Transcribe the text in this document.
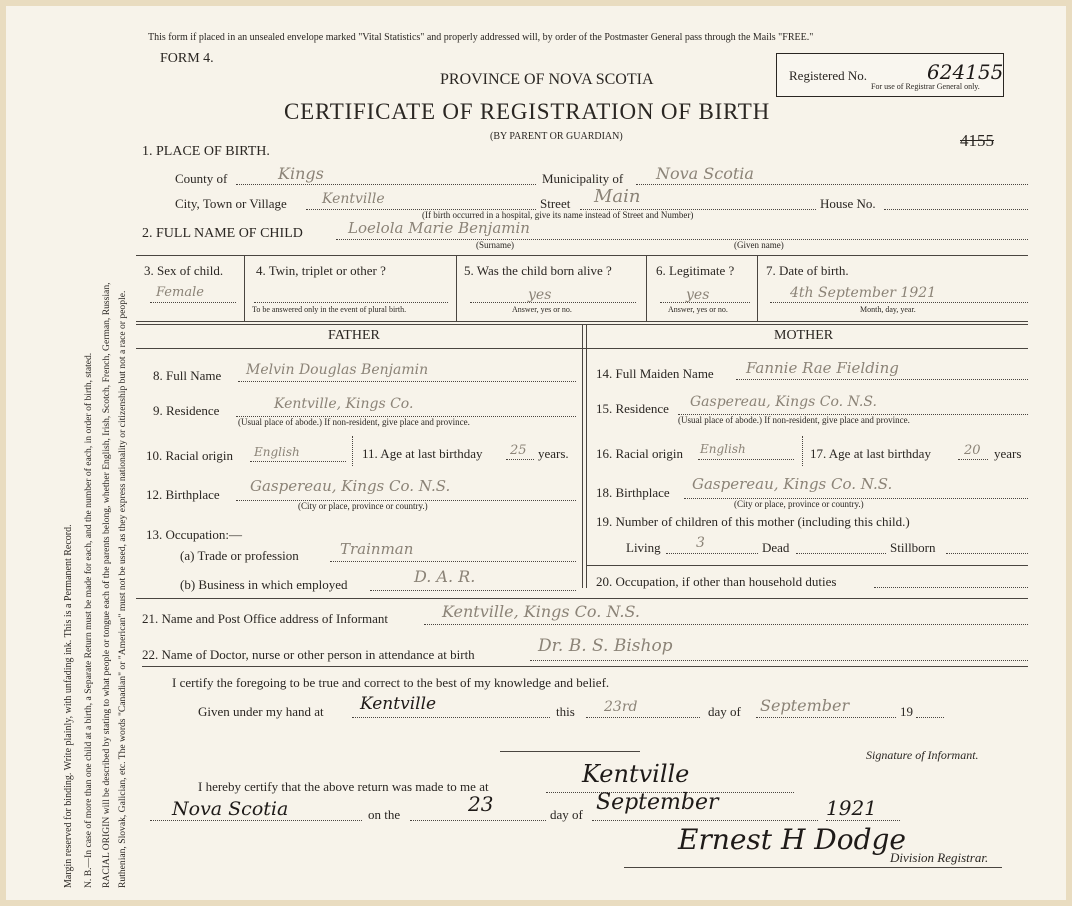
Margin reserved for binding. Write plainly, with unfading ink. This is a Permanent Record. N. B.—In case of more than one child at a birth, a Separate Return must be made for each, and the number of each, in order of birth, stated. RACIAL ORIGIN will be described by stating to what people or tongue each of the parents belong, whether English, Irish, Scotch, French, German, Russian, Ruthenian, Slovak, Galician, etc. The words "Canadian" or "American" must not be used, as they express nationality or citizenship but not a race or people.
This form if placed in an unsealed envelope marked "Vital Statistics" and properly addressed will, by order of the Postmaster General pass through the Mails "FREE."
FORM 4.
PROVINCE OF NOVA SCOTIA
CERTIFICATE OF REGISTRATION OF BIRTH
(BY PARENT OR GUARDIAN)
Registered No.
For use of Registrar General only.
624155
4155
1. PLACE OF BIRTH.
County of	Kings	Municipality of Nova Scotia
City, Town or Village	Kentville	Street Main	House No.
(If birth occurred in a hospital, give its name instead of Street and Number)
2. FULL NAME OF CHILD	Loelola Marie Benjamin
(Surname)	(Given name)
3. Sex of child.
Female
4. Twin, triplet or other ?
To be answered only in the event of plural birth.
5. Was the child born alive ?
yes
Answer, yes or no.
6. Legitimate ?
yes
Answer, yes or no.
7. Date of birth.
4th September 1921
Month, day, year.
FATHER	MOTHER
8. Full Name Melvin Douglas Benjamin
9. Residence	Kentville, Kings Co.
(Usual place of abode.) If non-resident, give place and province.
10. Racial origin English	11. Age at last birthday 25 years.
12. Birthplace Gaspereau, Kings Co. N.S.
(City or place, province or country.)
13. Occupation:—
(a) Trade or profession	Trainman
(b) Business in which employed	D. A. R.
14. Full Maiden Name Fannie Rae Fielding
15. Residence Gaspereau, Kings Co. N.S.
(Usual place of abode.) If non-resident, give place and province.
16. Racial origin English	17. Age at last birthday	20 years
18. Birthplace Gaspereau, Kings Co. N.S.
(City or place, province or country.)
19. Number of children of this mother (including this child.)
Living	3	Dead	Stillborn
20. Occupation, if other than household duties
21. Name and Post Office address of Informant	Kentville, Kings Co. N.S.
22. Name of Doctor, nurse or other person in attendance at birth	Dr. B. S. Bishop
I certify the foregoing to be true and correct to the best of my knowledge and belief.
Given under my hand at Kentville	this 23rd	day of September	19
Signature of Informant.
I hereby certify that the above return was made to me at	Kentville
Nova Scotia	on the	23	day of September	1921
Ernest H Dodge
Division Registrar.
